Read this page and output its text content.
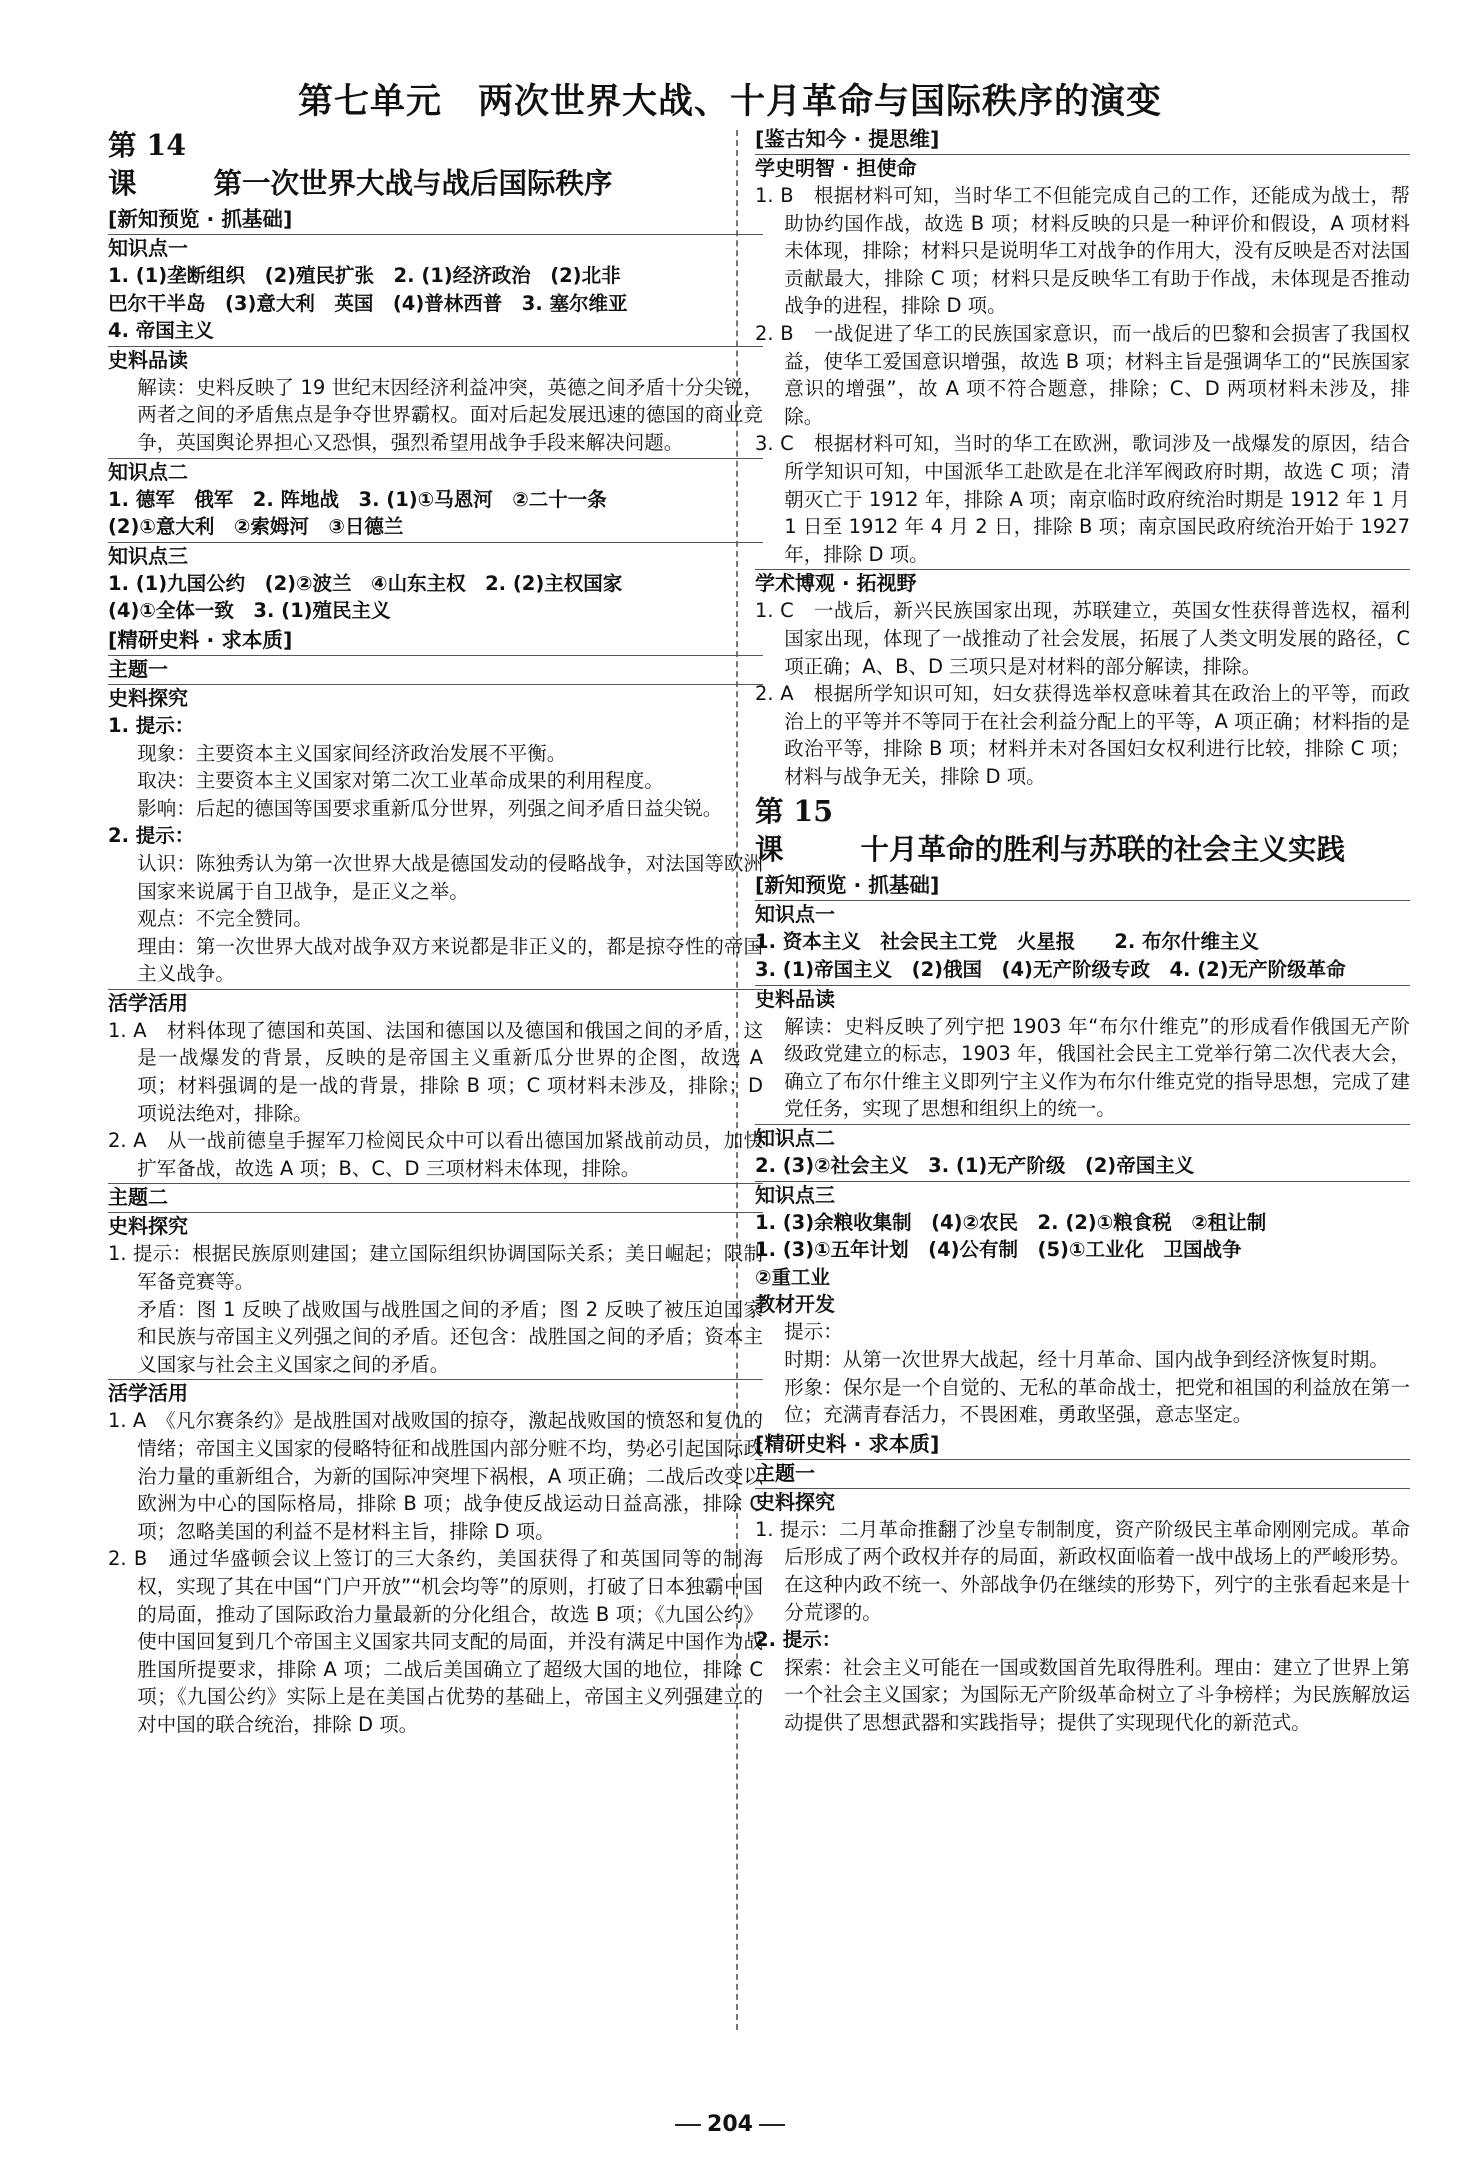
第七单元　两次世界大战、十月革命与国际秩序的演变
第 14 课	第一次世界大战与战后国际秩序
[ 新知预览 · 抓基础 ]
知识点一

1. (1)垄断组织　(2)殖民扩张　2. (1)经济政治　(2)北非

巴尔干半岛　(3)意大利　英国　(4)普林西普　3. 塞尔维亚

4. 帝国主义

史料品读

解读：史料反映了 19 世纪末因经济利益冲突，英德之间矛盾十分尖锐，两者之间的矛盾焦点是争夺世界霸权。面对后起发展迅速的德国的商业竞争，英国舆论界担心又恐惧，强烈希望用战争手段来解决问题。

知识点二

1. 德军　俄军　2. 阵地战　3. (1)①马恩河　②二十一条

(2)①意大利　②索姆河　③日德兰

知识点三

1. (1)九国公约　(2)②波兰　④山东主权　2. (2)主权国家

(4)①全体一致　3. (1)殖民主义

[ 精研史料 · 求本质 ]
主题一
史料探究

1. 提示：

现象：主要资本主义国家间经济政治发展不平衡。

取决：主要资本主义国家对第二次工业革命成果的利用程度。

影响：后起的德国等国要求重新瓜分世界，列强之间矛盾日益尖锐。

2. 提示：

认识：陈独秀认为第一次世界大战是德国发动的侵略战争，对法国等欧洲国家来说属于自卫战争，是正义之举。

观点：不完全赞同。

理由：第一次世界大战对战争双方来说都是非正义的，都是掠夺性的帝国主义战争。

活学活用

1. A　材料体现了德国和英国、法国和德国以及德国和俄国之间的矛盾，这是一战爆发的背景，反映的是帝国主义重新瓜分世界的企图，故选 A 项；材料强调的是一战的背景，排除 B 项；C 项材料未涉及，排除；D 项说法绝对，排除。

2. A　从一战前德皇手握军刀检阅民众中可以看出德国加紧战前动员，加快扩军备战，故选 A 项；B、C、D 三项材料未体现，排除。

主题二
史料探究

1. 提示：根据民族原则建国；建立国际组织协调国际关系；美日崛起；限制军备竞赛等。

矛盾：图 1 反映了战败国与战胜国之间的矛盾；图 2 反映了被压迫国家和民族与帝国主义列强之间的矛盾。还包含：战胜国之间的矛盾；资本主义国家与社会主义国家之间的矛盾。

活学活用

1. A　《凡尔赛条约》是战胜国对战败国的掠夺，激起战败国的愤怒和复仇的情绪；帝国主义国家的侵略特征和战胜国内部分赃不均，势必引起国际政治力量的重新组合，为新的国际冲突埋下祸根，A 项正确；二战后改变以欧洲为中心的国际格局，排除 B 项；战争使反战运动日益高涨，排除 C 项；忽略美国的利益不是材料主旨，排除 D 项。

2. B　通过华盛顿会议上签订的三大条约，美国获得了和英国同等的制海权，实现了其在中国“门户开放”“机会均等”的原则，打破了日本独霸中国的局面，推动了国际政治力量最新的分化组合，故选 B 项；《九国公约》使中国回复到几个帝国主义国家共同支配的局面，并没有满足中国作为战胜国所提要求，排除 A 项；二战后美国确立了超级大国的地位，排除 C 项；《九国公约》实际上是在美国占优势的基础上，帝国主义列强建立的对中国的联合统治，排除 D 项。

[ 鉴古知今 · 提思维 ]
学史明智 · 担使命

1. B　根据材料可知，当时华工不但能完成自己的工作，还能成为战士，帮助协约国作战，故选 B 项；材料反映的只是一种评价和假设，A 项材料未体现，排除；材料只是说明华工对战争的作用大，没有反映是否对法国贡献最大，排除 C 项；材料只是反映华工有助于作战，未体现是否推动战争的进程，排除 D 项。

2. B　一战促进了华工的民族国家意识，而一战后的巴黎和会损害了我国权益，使华工爱国意识增强，故选 B 项；材料主旨是强调华工的“民族国家意识的增强”，故 A 项不符合题意，排除；C、D 两项材料未涉及，排除。

3. C　根据材料可知，当时的华工在欧洲，歌词涉及一战爆发的原因，结合所学知识可知，中国派华工赴欧是在北洋军阀政府时期，故选 C 项；清朝灭亡于 1912 年，排除 A 项；南京临时政府统治时期是 1912 年 1 月 1 日至 1912 年 4 月 2 日，排除 B 项；南京国民政府统治开始于 1927 年，排除 D 项。

学术博观 · 拓视野

1. C　一战后，新兴民族国家出现，苏联建立，英国女性获得普选权，福利国家出现，体现了一战推动了社会发展，拓展了人类文明发展的路径，C 项正确；A、B、D 三项只是对材料的部分解读，排除。

2. A　根据所学知识可知，妇女获得选举权意味着其在政治上的平等，而政治上的平等并不等同于在社会利益分配上的平等，A 项正确；材料指的是政治平等，排除 B 项；材料并未对各国妇女权利进行比较，排除 C 项；材料与战争无关，排除 D 项。

第 15 课	十月革命的胜利与苏联的社会主义实践
[ 新知预览 · 抓基础 ]
知识点一

1. 资本主义　社会民主工党　火星报　　2. 布尔什维主义

3. (1)帝国主义　(2)俄国　(4)无产阶级专政　4. (2)无产阶级革命

史料品读

解读：史料反映了列宁把 1903 年“布尔什维克”的形成看作俄国无产阶级政党建立的标志，1903 年，俄国社会民主工党举行第二次代表大会，确立了布尔什维主义即列宁主义作为布尔什维克党的指导思想，完成了建党任务，实现了思想和组织上的统一。

知识点二

2. (3)②社会主义　3. (1)无产阶级　(2)帝国主义

知识点三

1. (3)余粮收集制　(4)②农民　2. (2)①粮食税　②租让制

1. (3)①五年计划　(4)公有制　(5)①工业化　卫国战争

②重工业

教材开发

提示：

时期：从第一次世界大战起，经十月革命、国内战争到经济恢复时期。

形象：保尔是一个自觉的、无私的革命战士，把党和祖国的利益放在第一位；充满青春活力，不畏困难，勇敢坚强，意志坚定。

[ 精研史料 · 求本质 ]
主题一
史料探究

1. 提示：二月革命推翻了沙皇专制制度，资产阶级民主革命刚刚完成。革命后形成了两个政权并存的局面，新政权面临着一战中战场上的严峻形势。在这种内政不统一、外部战争仍在继续的形势下，列宁的主张看起来是十分荒谬的。

2. 提示：

探索：社会主义可能在一国或数国首先取得胜利。理由：建立了世界上第一个社会主义国家；为国际无产阶级革命树立了斗争榜样；为民族解放运动提供了思想武器和实践指导；提供了实现现代化的新范式。

204
